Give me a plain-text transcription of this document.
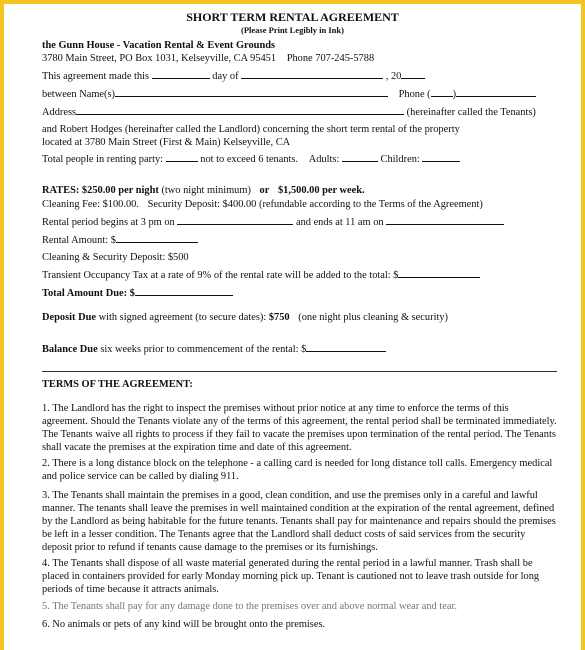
SHORT TERM RENTAL AGREEMENT
(Please Print Legibly in Ink)
the Gunn House - Vacation Rental & Event Grounds
3780 Main Street, PO Box 1031, Kelseyville, CA 95451 Phone 707-245-5788
This agreement made this	day of	, 20
between Name(s)	Phone ( )
Address	(hereinafter called the Tenants)
and Robert Hodges (hereinafter called the Landlord) concerning the short term rental of the property
located at 3780 Main Street (First & Main) Kelseyville, CA
Total people in renting party:	not to exceed 6 tenants. Adults:	Children:
RATES: $250.00 per night (two night minimum) or $1,500.00 per week.
Cleaning Fee: $100.00. Security Deposit: $400.00 (refundable according to the Terms of the Agreement)
Rental period begins at 3 pm on	and ends at 11 am on
Rental Amount: $
Cleaning & Security Deposit: $500
Transient Occupancy Tax at a rate of 9% of the rental rate will be added to the total: $
Total Amount Due: $
Deposit Due with signed agreement (to secure dates): $750 (one night plus cleaning & security)
Balance Due six weeks prior to commencement of the rental: $
TERMS OF THE AGREEMENT:
1. The Landlord has the right to inspect the premises without prior notice at any time to enforce the terms of this agreement. Should the Tenants violate any of the terms of this agreement, the rental period shall be terminated immediately. The Tenants waive all rights to process if they fail to vacate the premises upon termination of the rental period. The Tenants shall vacate the premises at the expiration time and date of this agreement.
2. There is a long distance block on the telephone - a calling card is needed for long distance toll calls. Emergency medical and police service can be called by dialing 911.
3. The Tenants shall maintain the premises in a good, clean condition, and use the premises only in a careful and lawful manner. The tenants shall leave the premises in well maintained condition at the expiration of the rental agreement, defined by the Landlord as being habitable for the future tenants. Tenants shall pay for maintenance and repairs should the premises be left in a lesser condition. The Tenants agree that the Landlord shall deduct costs of said services from the security deposit prior to refund if tenants cause damage to the premises or its furnishings.
4. The Tenants shall dispose of all waste material generated during the rental period in a lawful manner. Trash shall be placed in containers provided for early Monday morning pick up. Tenant is cautioned not to leave trash outside for long periods of time because it attracts animals.
5. The Tenants shall pay for any damage done to the premises over and above normal wear and tear.
6. No animals or pets of any kind will be brought onto the premises.
